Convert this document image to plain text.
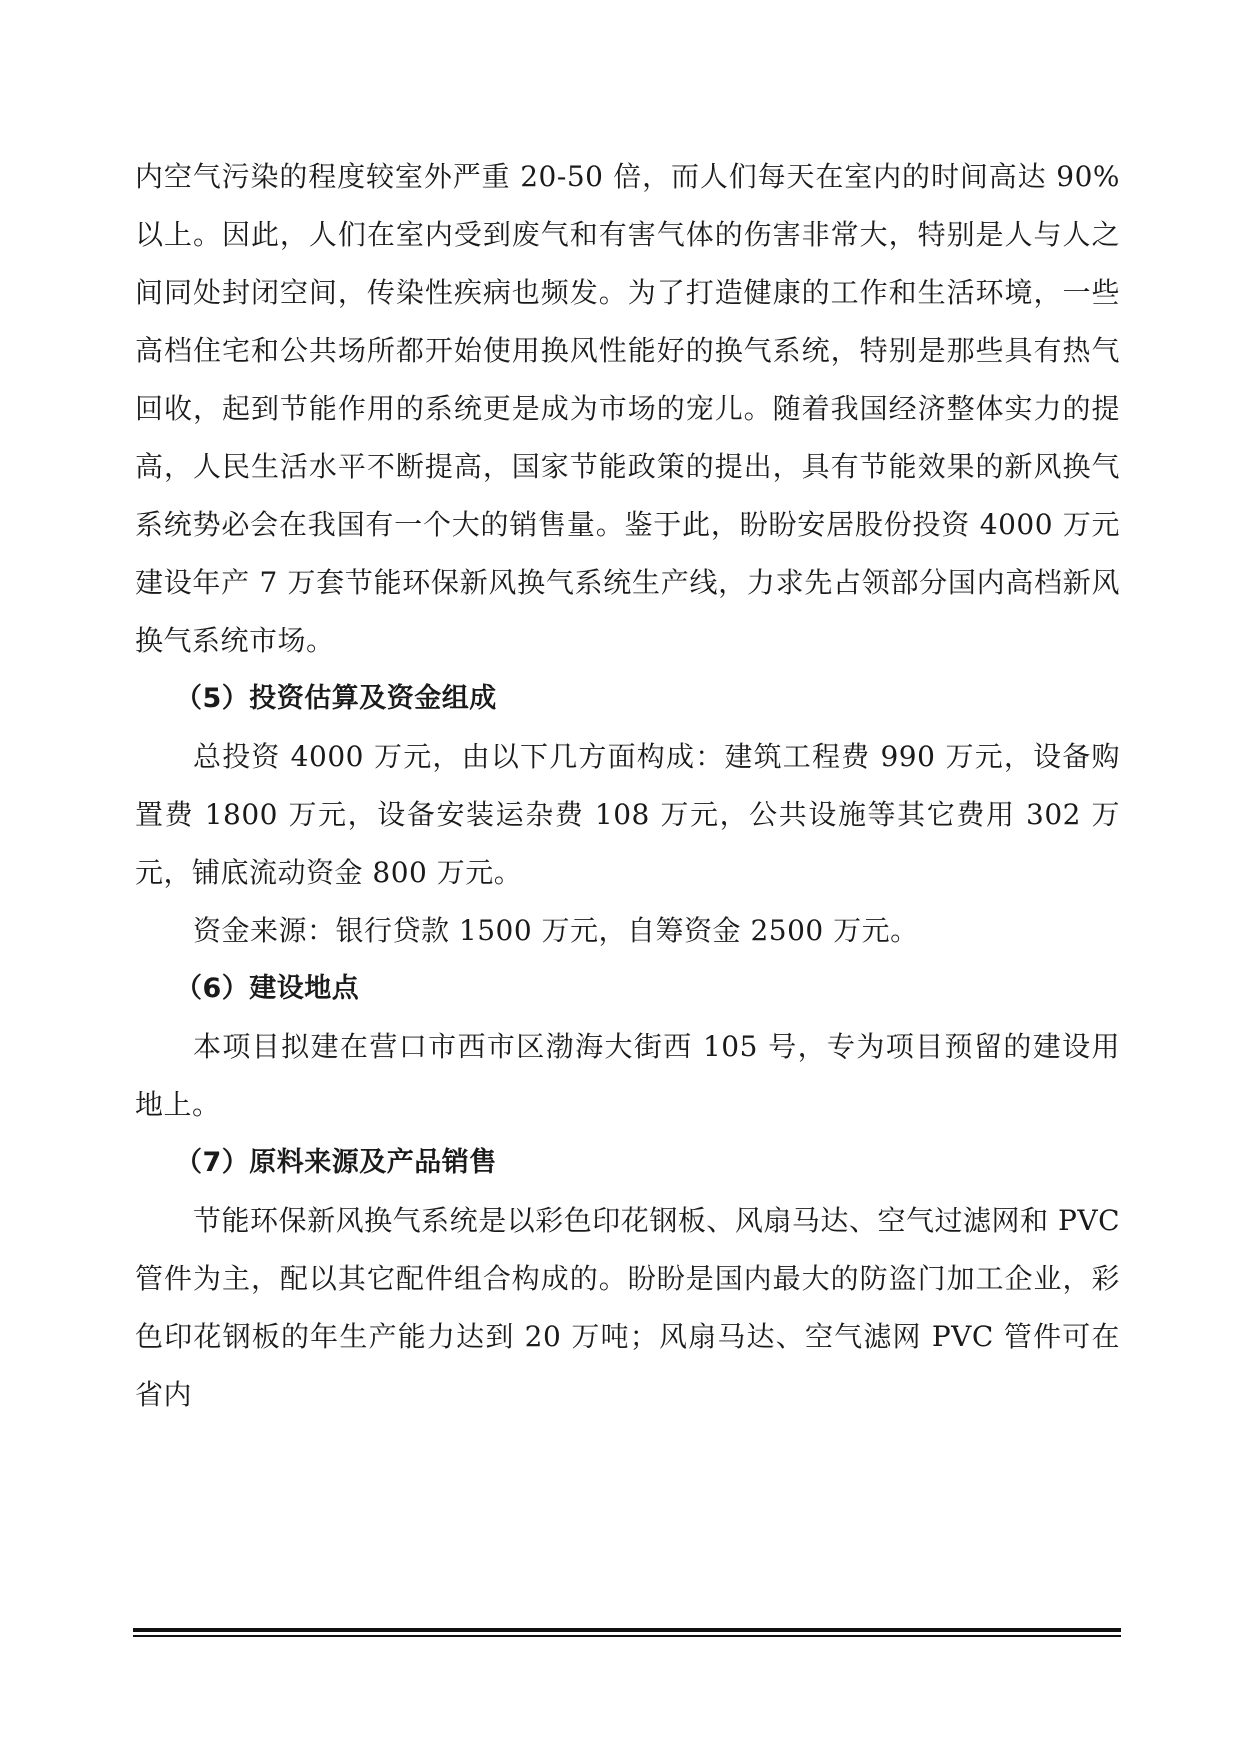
内空气污染的程度较室外严重 20-50 倍，而人们每天在室内的时间高达 90%以上。因此，人们在室内受到废气和有害气体的伤害非常大，特别是人与人之间同处封闭空间，传染性疾病也频发。为了打造健康的工作和生活环境，一些高档住宅和公共场所都开始使用换风性能好的换气系统，特别是那些具有热气回收，起到节能作用的系统更是成为市场的宠儿。随着我国经济整体实力的提高，人民生活水平不断提高，国家节能政策的提出，具有节能效果的新风换气系统势必会在我国有一个大的销售量。鉴于此，盼盼安居股份投资 4000 万元建设年产 7 万套节能环保新风换气系统生产线，力求先占领部分国内高档新风换气系统市场。

（5）投资估算及资金组成

总投资 4000 万元，由以下几方面构成：建筑工程费 990 万元，设备购置费 1800 万元，设备安装运杂费 108 万元，公共设施等其它费用 302 万元，铺底流动资金 800 万元。

资金来源：银行贷款 1500 万元，自筹资金 2500 万元。

（6）建设地点

本项目拟建在营口市西市区渤海大街西 105 号，专为项目预留的建设用地上。

（7）原料来源及产品销售

节能环保新风换气系统是以彩色印花钢板、风扇马达、空气过滤网和 PVC 管件为主，配以其它配件组合构成的。盼盼是国内最大的防盗门加工企业，彩色印花钢板的年生产能力达到 20 万吨；风扇马达、空气滤网 PVC 管件可在省内
